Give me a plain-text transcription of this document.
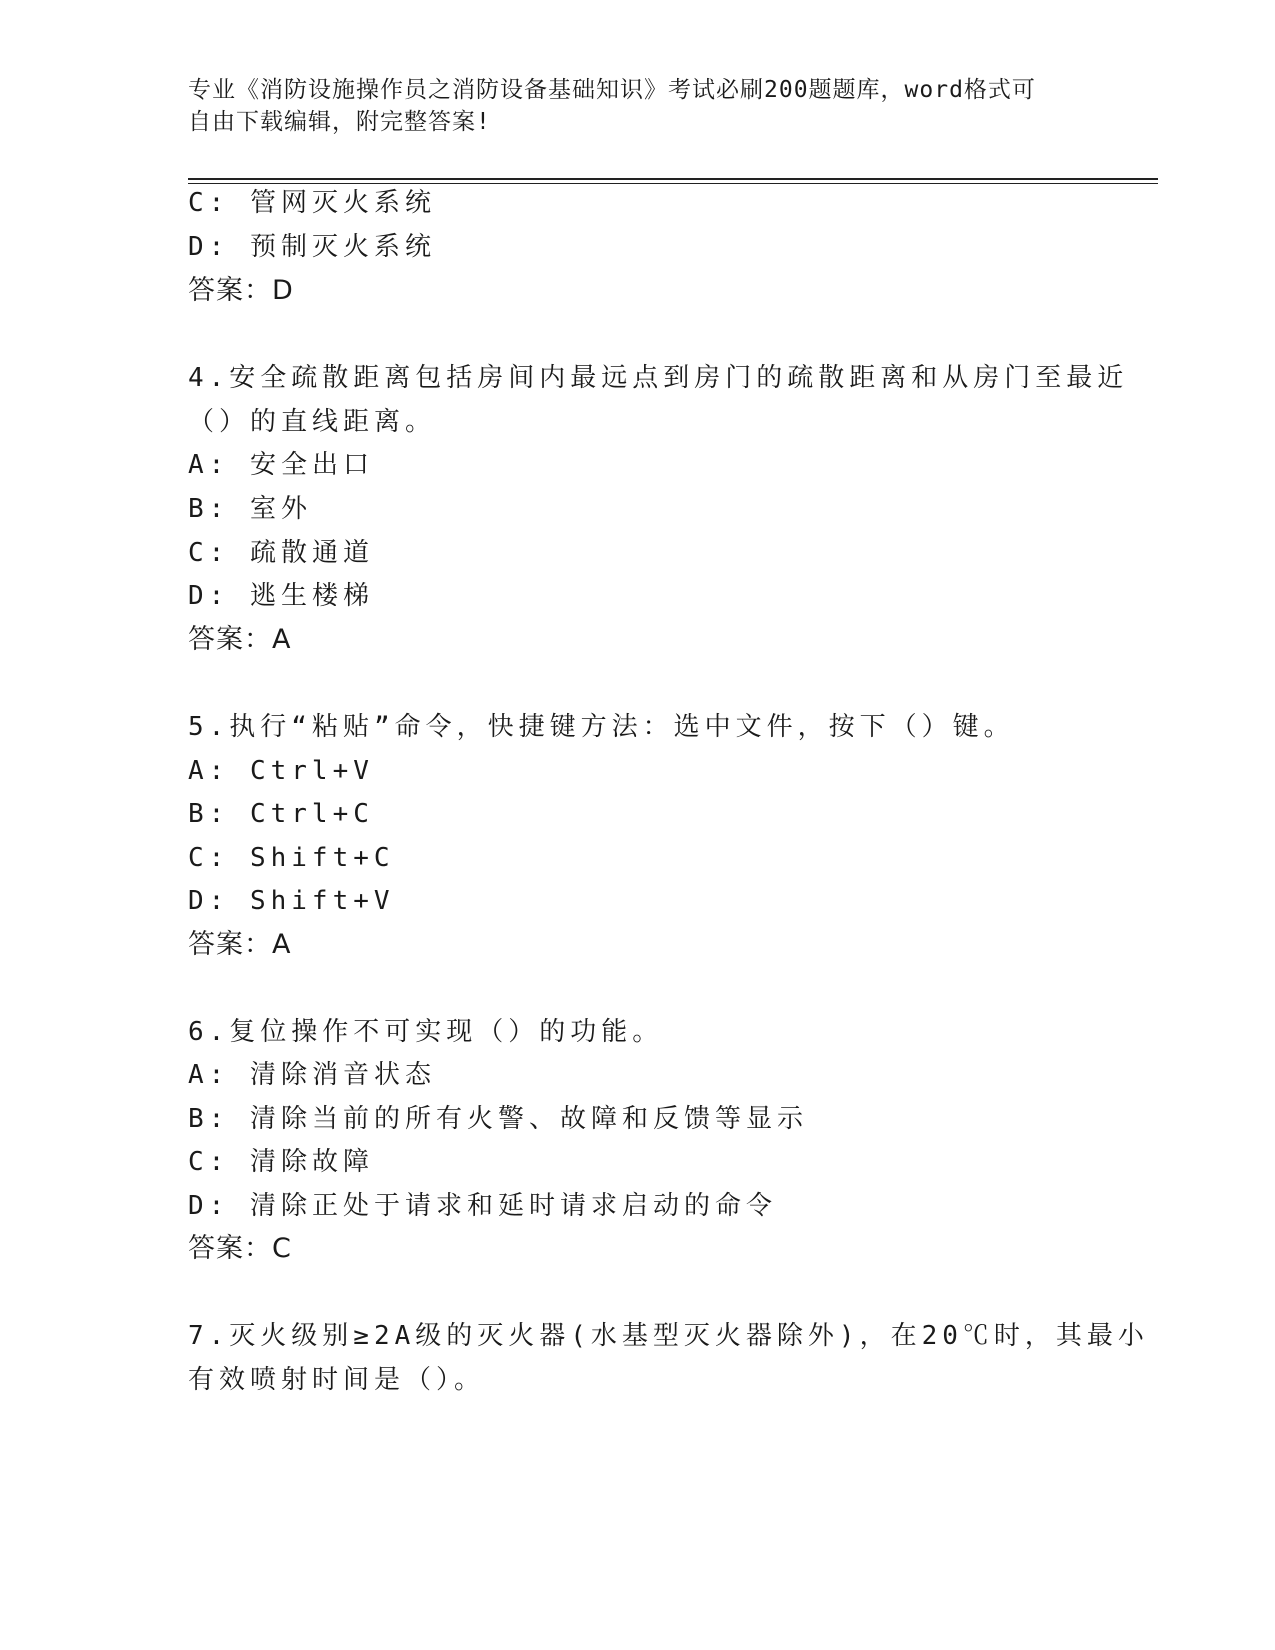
专业《消防设施操作员之消防设备基础知识》考试必刷200题题库，word格式可
自由下载编辑，附完整答案!
C: 管网灭火系统
D: 预制灭火系统
答案：D
4.安全疏散距离包括房间内最远点到房门的疏散距离和从房门至最近
（）的直线距离。
A: 安全出口
B: 室外
C: 疏散通道
D: 逃生楼梯
答案：A
5.执行“粘贴”命令，快捷键方法：选中文件，按下（）键。
A: Ctrl+V
B: Ctrl+C
C: Shift+C
D: Shift+V
答案：A
6.复位操作不可实现（）的功能。
A: 清除消音状态
B: 清除当前的所有火警、故障和反馈等显示
C: 清除故障
D: 清除正处于请求和延时请求启动的命令
答案：C
7.灭火级别≥2A级的灭火器(水基型灭火器除外)，在20℃时，其最小
有效喷射时间是（）。
